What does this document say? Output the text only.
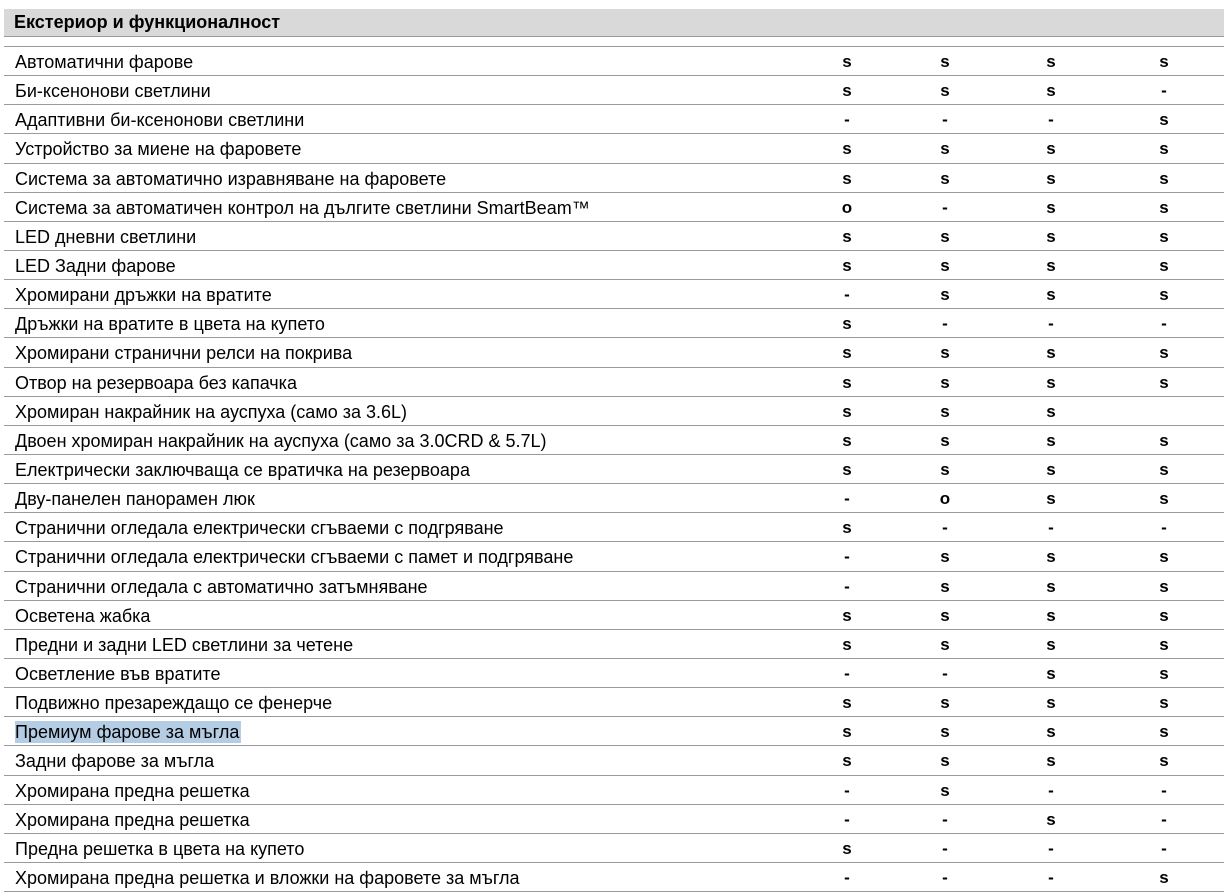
Екстериор и функционалност
Автоматични фарове	s	s	s	s
Би-ксенонови светлини	s	s	s	-
Адаптивни би-ксенонови светлини	-	-	-	s
Устройство за миене на фаровете	s	s	s	s
Система за автоматично изравняване на фаровете	s	s	s	s
Система за автоматичен контрол на дългите светлини SmartBeam™	o	-	s	s
LED дневни светлини	s	s	s	s
LED Задни фарове	s	s	s	s
Хромирани дръжки на вратите	-	s	s	s
Дръжки на вратите в цвета на купето	s	-	-	-
Хромирани странични релси на покрива	s	s	s	s
Отвор на резервоара без капачка	s	s	s	s
Хромиран накрайник на ауспуха (само за 3.6L)	s	s	s
Двоен хромиран накрайник на ауспуха (само за 3.0CRD & 5.7L)	s	s	s	s
Електрически заключваща се вратичка на резервоара	s	s	s	s
Дву-панелен панорамен люк	-	o	s	s
Странични огледала електрически сгъваеми с подгряване	s	-	-	-
Странични огледала електрически сгъваеми с памет и подгряване	-	s	s	s
Странични огледала с автоматично затъмняване	-	s	s	s
Осветена жабка	s	s	s	s
Предни и задни LED светлини за четене	s	s	s	s
Осветление във вратите	-	-	s	s
Подвижно презареждащо се фенерче	s	s	s	s
Премиум фарове за мъгла	s	s	s	s
Задни фарове за мъгла	s	s	s	s
Хромирана предна решетка	-	s	-	-
Хромирана предна решетка	-	-	s	-
Предна решетка в цвета на купето	s	-	-	-
Хромирана предна решетка и вложки на фаровете за мъгла	-	-	-	s
